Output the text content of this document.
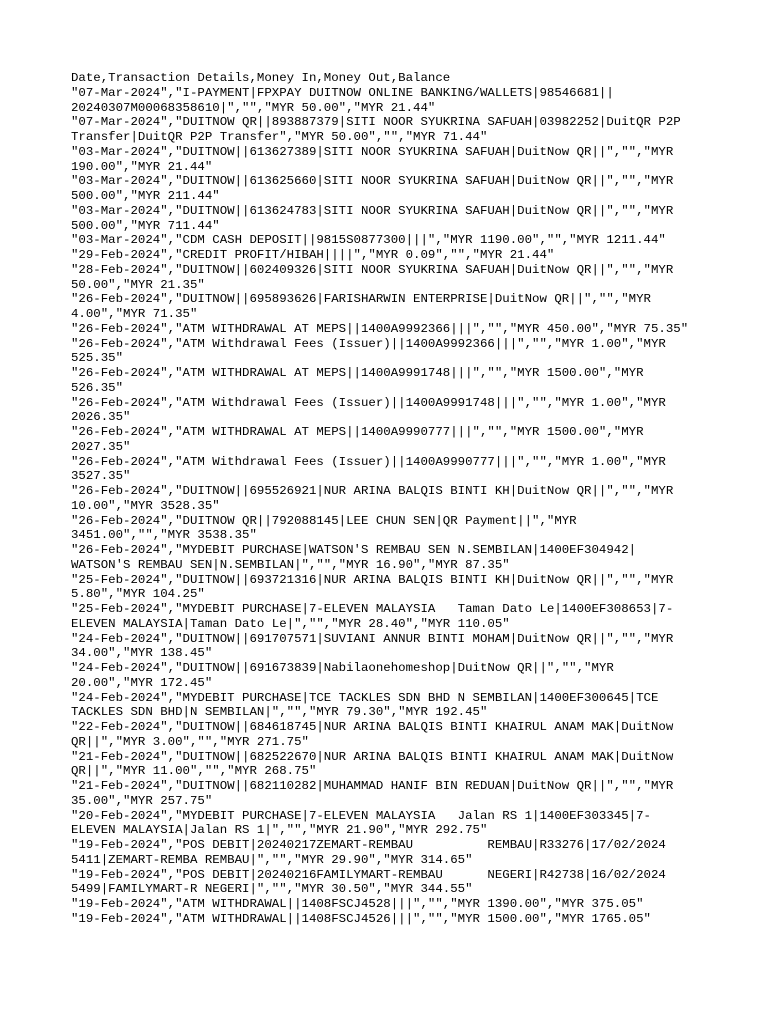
Date,Transaction Details,Money In,Money Out,Balance
"07-Mar-2024","I-PAYMENT|FPXPAY DUITNOW ONLINE BANKING/WALLETS|98546681||
20240307M00068358610|","","MYR 50.00","MYR 21.44"
"07-Mar-2024","DUITNOW QR||893887379|SITI NOOR SYUKRINA SAFUAH|03982252|DuitQR P2P
Transfer|DuitQR P2P Transfer","MYR 50.00","","MYR 71.44"
"03-Mar-2024","DUITNOW||613627389|SITI NOOR SYUKRINA SAFUAH|DuitNow QR||","","MYR
190.00","MYR 21.44"
"03-Mar-2024","DUITNOW||613625660|SITI NOOR SYUKRINA SAFUAH|DuitNow QR||","","MYR
500.00","MYR 211.44"
"03-Mar-2024","DUITNOW||613624783|SITI NOOR SYUKRINA SAFUAH|DuitNow QR||","","MYR
500.00","MYR 711.44"
"03-Mar-2024","CDM CASH DEPOSIT||9815S0877300|||","MYR 1190.00","","MYR 1211.44"
"29-Feb-2024","CREDIT PROFIT/HIBAH||||","MYR 0.09","","MYR 21.44"
"28-Feb-2024","DUITNOW||602409326|SITI NOOR SYUKRINA SAFUAH|DuitNow QR||","","MYR
50.00","MYR 21.35"
"26-Feb-2024","DUITNOW||695893626|FARISHARWIN ENTERPRISE|DuitNow QR||","","MYR
4.00","MYR 71.35"
"26-Feb-2024","ATM WITHDRAWAL AT MEPS||1400A9992366|||","","MYR 450.00","MYR 75.35"
"26-Feb-2024","ATM Withdrawal Fees (Issuer)||1400A9992366|||","","MYR 1.00","MYR
525.35"
"26-Feb-2024","ATM WITHDRAWAL AT MEPS||1400A9991748|||","","MYR 1500.00","MYR
526.35"
"26-Feb-2024","ATM Withdrawal Fees (Issuer)||1400A9991748|||","","MYR 1.00","MYR
2026.35"
"26-Feb-2024","ATM WITHDRAWAL AT MEPS||1400A9990777|||","","MYR 1500.00","MYR
2027.35"
"26-Feb-2024","ATM Withdrawal Fees (Issuer)||1400A9990777|||","","MYR 1.00","MYR
3527.35"
"26-Feb-2024","DUITNOW||695526921|NUR ARINA BALQIS BINTI KH|DuitNow QR||","","MYR
10.00","MYR 3528.35"
"26-Feb-2024","DUITNOW QR||792088145|LEE CHUN SEN|QR Payment||","MYR
3451.00","","MYR 3538.35"
"26-Feb-2024","MYDEBIT PURCHASE|WATSON'S REMBAU SEN N.SEMBILAN|1400EF304942|
WATSON'S REMBAU SEN|N.SEMBILAN|","","MYR 16.90","MYR 87.35"
"25-Feb-2024","DUITNOW||693721316|NUR ARINA BALQIS BINTI KH|DuitNow QR||","","MYR
5.80","MYR 104.25"
"25-Feb-2024","MYDEBIT PURCHASE|7-ELEVEN MALAYSIA   Taman Dato Le|1400EF308653|7-
ELEVEN MALAYSIA|Taman Dato Le|","","MYR 28.40","MYR 110.05"
"24-Feb-2024","DUITNOW||691707571|SUVIANI ANNUR BINTI MOHAM|DuitNow QR||","","MYR
34.00","MYR 138.45"
"24-Feb-2024","DUITNOW||691673839|Nabilaonehomeshop|DuitNow QR||","","MYR
20.00","MYR 172.45"
"24-Feb-2024","MYDEBIT PURCHASE|TCE TACKLES SDN BHD N SEMBILAN|1400EF300645|TCE
TACKLES SDN BHD|N SEMBILAN|","","MYR 79.30","MYR 192.45"
"22-Feb-2024","DUITNOW||684618745|NUR ARINA BALQIS BINTI KHAIRUL ANAM MAK|DuitNow
QR||","MYR 3.00","","MYR 271.75"
"21-Feb-2024","DUITNOW||682522670|NUR ARINA BALQIS BINTI KHAIRUL ANAM MAK|DuitNow
QR||","MYR 11.00","","MYR 268.75"
"21-Feb-2024","DUITNOW||682110282|MUHAMMAD HANIF BIN REDUAN|DuitNow QR||","","MYR
35.00","MYR 257.75"
"20-Feb-2024","MYDEBIT PURCHASE|7-ELEVEN MALAYSIA   Jalan RS 1|1400EF303345|7-
ELEVEN MALAYSIA|Jalan RS 1|","","MYR 21.90","MYR 292.75"
"19-Feb-2024","POS DEBIT|20240217ZEMART-REMBAU          REMBAU|R33276|17/02/2024
5411|ZEMART-REMBA REMBAU|","","MYR 29.90","MYR 314.65"
"19-Feb-2024","POS DEBIT|20240216FAMILYMART-REMBAU      NEGERI|R42738|16/02/2024
5499|FAMILYMART-R NEGERI|","","MYR 30.50","MYR 344.55"
"19-Feb-2024","ATM WITHDRAWAL||1408FSCJ4528|||","","MYR 1390.00","MYR 375.05"
"19-Feb-2024","ATM WITHDRAWAL||1408FSCJ4526|||","","MYR 1500.00","MYR 1765.05"
